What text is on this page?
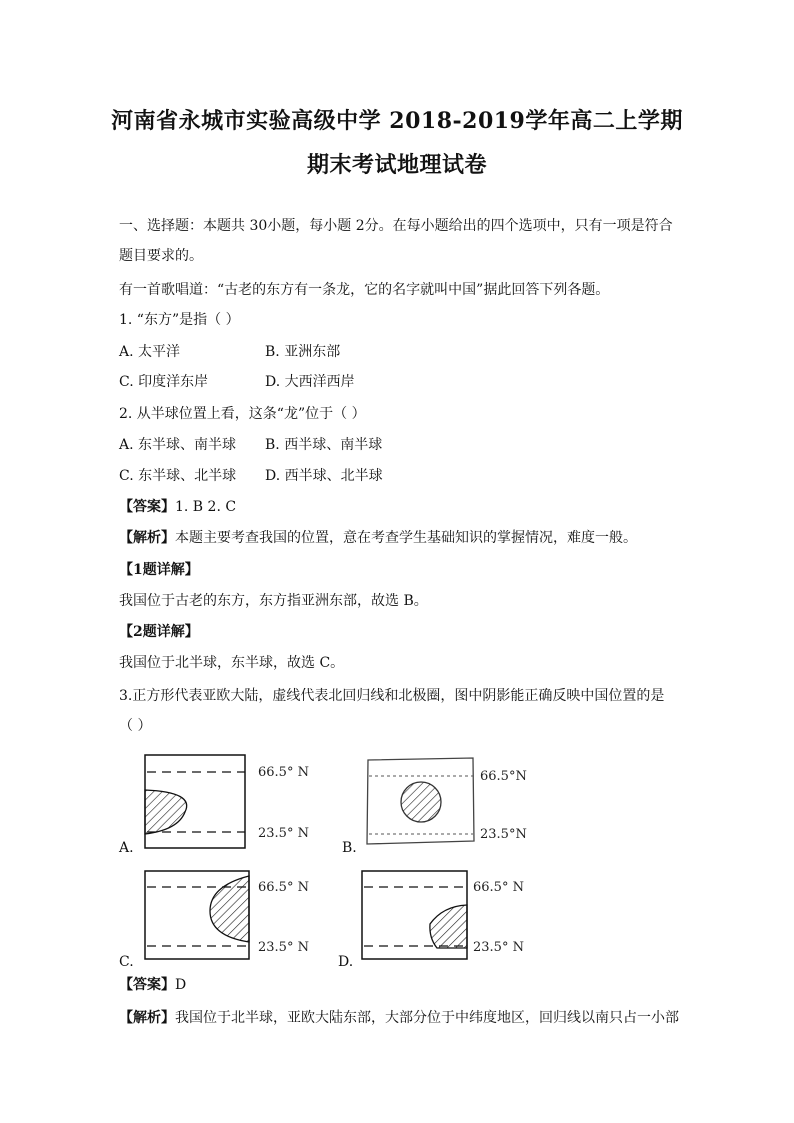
河南省永城市实验高级中学 2018-2019学年高二上学期
期末考试地理试卷
一、选择题：本题共 30小题，每小题 2分。在每小题给出的四个选项中，只有一项是符合
题目要求的。
有一首歌唱道：“古老的东方有一条龙，它的名字就叫中国”据此回答下列各题。
1. “东方”是指（ ）
A. 太平洋	B. 亚洲东部
C. 印度洋东岸	D. 大西洋西岸
2. 从半球位置上看，这条“龙”位于（ ）
A. 东半球、南半球 B. 西半球、南半球
C. 东半球、北半球 D. 西半球、北半球
【答案】1. B 2. C
【解析】本题主要考查我国的位置，意在考查学生基础知识的掌握情况，难度一般。
【1题详解】
我国位于古老的东方，东方指亚洲东部，故选 B。
【2题详解】
我国位于北半球，东半球，故选 C。
3.正方形代表亚欧大陆，虚线代表北回归线和北极圈，图中阴影能正确反映中国位置的是
（ ）
66.5° N
23.5° N
A.
66.5°N
23.5°N
B.
66.5° N
23.5° N
C.
66.5° N
23.5° N
D.
【答案】D
【解析】我国位于北半球，亚欧大陆东部，大部分位于中纬度地区，回归线以南只占一小部
